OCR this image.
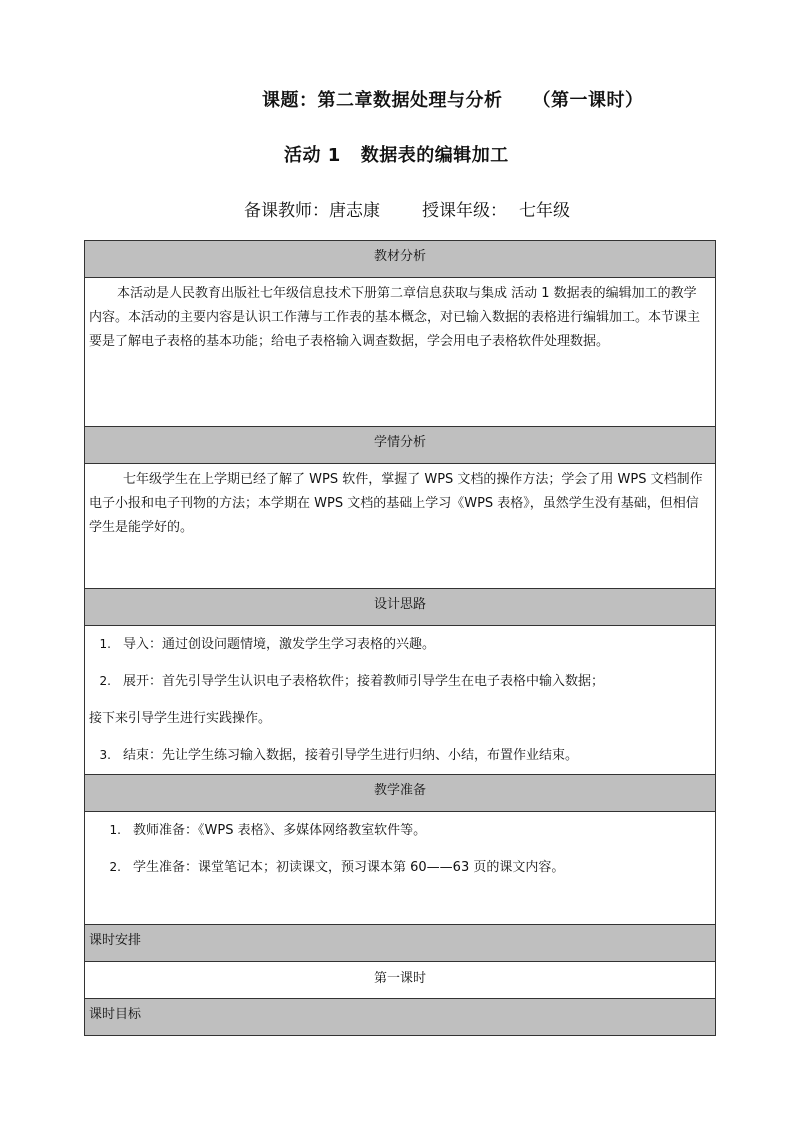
课题：第二章数据处理与分析 （第一课时）
活动 1 数据表的编辑加工
备课教师：唐志康 授课年级： 七年级
教材分析

本活动是人民教育出版社七年级信息技术下册第二章信息获取与集成 活动 1 数据表的编辑加工的教学内容。本活动的主要内容是认识工作薄与工作表的基本概念，对已输入数据的表格进行编辑加工。本节课主要是了解电子表格的基本功能；给电子表格输入调查数据，学会用电子表格软件处理数据。

学情分析

七年级学生在上学期已经了解了 WPS 软件，掌握了 WPS 文档的操作方法；学会了用 WPS 文档制作电子小报和电子刊物的方法；本学期在 WPS 文档的基础上学习《WPS 表格》，虽然学生没有基础，但相信学生是能学好的。

设计思路

1. 导入：通过创设问题情境，激发学生学习表格的兴趣。

2. 展开：首先引导学生认识电子表格软件；接着教师引导学生在电子表格中输入数据；

接下来引导学生进行实践操作。

3. 结束：先让学生练习输入数据，接着引导学生进行归纳、小结，布置作业结束。

教学准备

1. 教师准备：《WPS 表格》、多媒体网络教室软件等。

2. 学生准备：课堂笔记本；初读课文，预习课本第 60——63 页的课文内容。

课时安排

第一课时

课时目标
